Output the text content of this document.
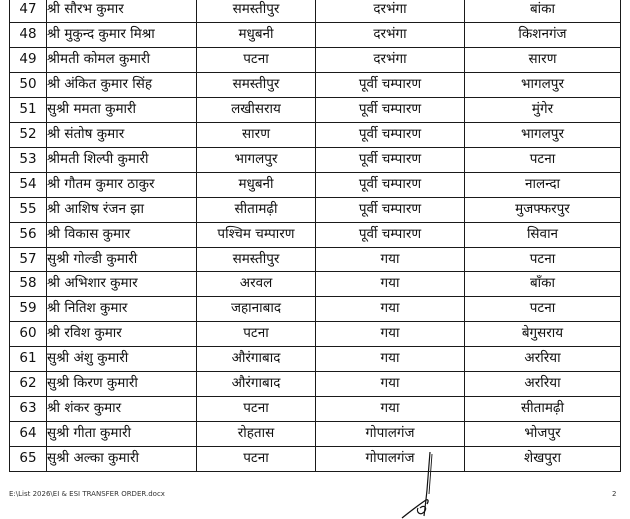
47	श्री सौरभ कुमार	समस्तीपुर	दरभंगा	बांका
48	श्री मुकुन्द कुमार मिश्रा	मधुबनी	दरभंगा	किशनगंज
49	श्रीमती कोमल कुमारी	पटना	दरभंगा	सारण
50	श्री अंकित कुमार सिंह	समस्तीपुर	पूर्वी चम्पारण	भागलपुर
51	सुश्री ममता कुमारी	लखीसराय	पूर्वी चम्पारण	मुंगेर
52	श्री संतोष कुमार	सारण	पूर्वी चम्पारण	भागलपुर
53	श्रीमती शिल्पी कुमारी	भागलपुर	पूर्वी चम्पारण	पटना
54	श्री गौतम कुमार ठाकुर	मधुबनी	पूर्वी चम्पारण	नालन्दा
55	श्री आशिष रंजन झा	सीतामढ़ी	पूर्वी चम्पारण	मुजफ्फरपुर
56	श्री विकास कुमार	पश्चिम चम्पारण	पूर्वी चम्पारण	सिवान
57	सुश्री गोल्डी कुमारी	समस्तीपुर	गया	पटना
58	श्री अभिशार कुमार	अरवल	गया	बाँका
59	श्री नितिश कुमार	जहानाबाद	गया	पटना
60	श्री रविश कुमार	पटना	गया	बेगुसराय
61	सुश्री अंशु कुमारी	औरंगाबाद	गया	अररिया
62	सुश्री किरण कुमारी	औरंगाबाद	गया	अररिया
63	श्री शंकर कुमार	पटना	गया	सीतामढ़ी
64	सुश्री गीता कुमारी	रोहतास	गोपालगंज	भोजपुर
65	सुश्री अल्का कुमारी	पटना	गोपालगंज	शेखपुरा
E:\List 2026\EI & ESI TRANSFER ORDER.docx	2
